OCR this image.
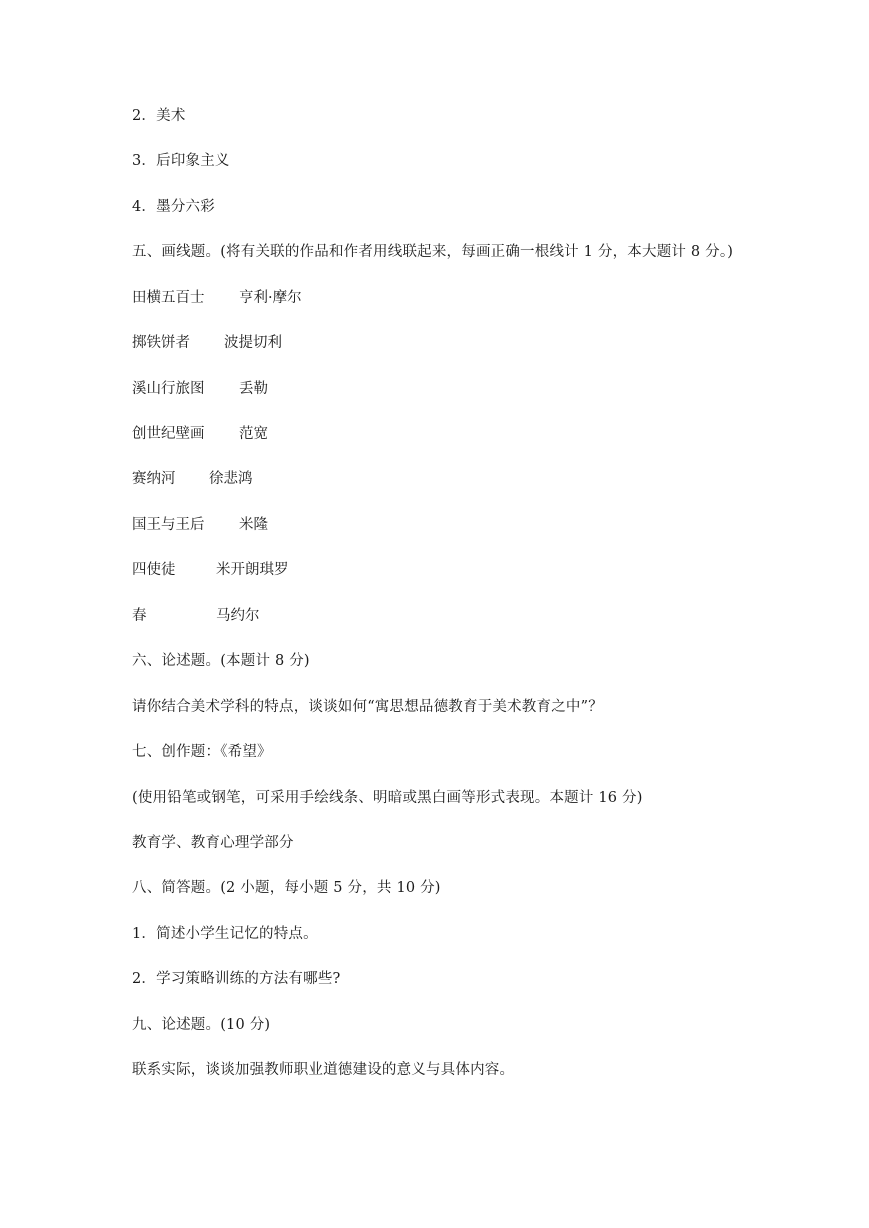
2．美术
3．后印象主义
4．墨分六彩
五、画线题。(将有关联的作品和作者用线联起来，每画正确一根线计 1 分，本大题计 8 分。)
田横五百士 亨利·摩尔
掷铁饼者 波提切利
溪山行旅图 丢勒
创世纪壁画 范宽
赛纳河 徐悲鸿
国王与王后 米隆
四使徒	米开朗琪罗
春	马约尔
六、论述题。(本题计 8 分)
请你结合美术学科的特点，谈谈如何“寓思想品德教育于美术教育之中”？
七、创作题：《希望》
(使用铅笔或钢笔，可采用手绘线条、明暗或黑白画等形式表现。本题计 16 分)
教育学、教育心理学部分
八、简答题。(2 小题，每小题 5 分，共 10 分)
1．简述小学生记忆的特点。
2．学习策略训练的方法有哪些?
九、论述题。(10 分)
联系实际，谈谈加强教师职业道德建设的意义与具体内容。
